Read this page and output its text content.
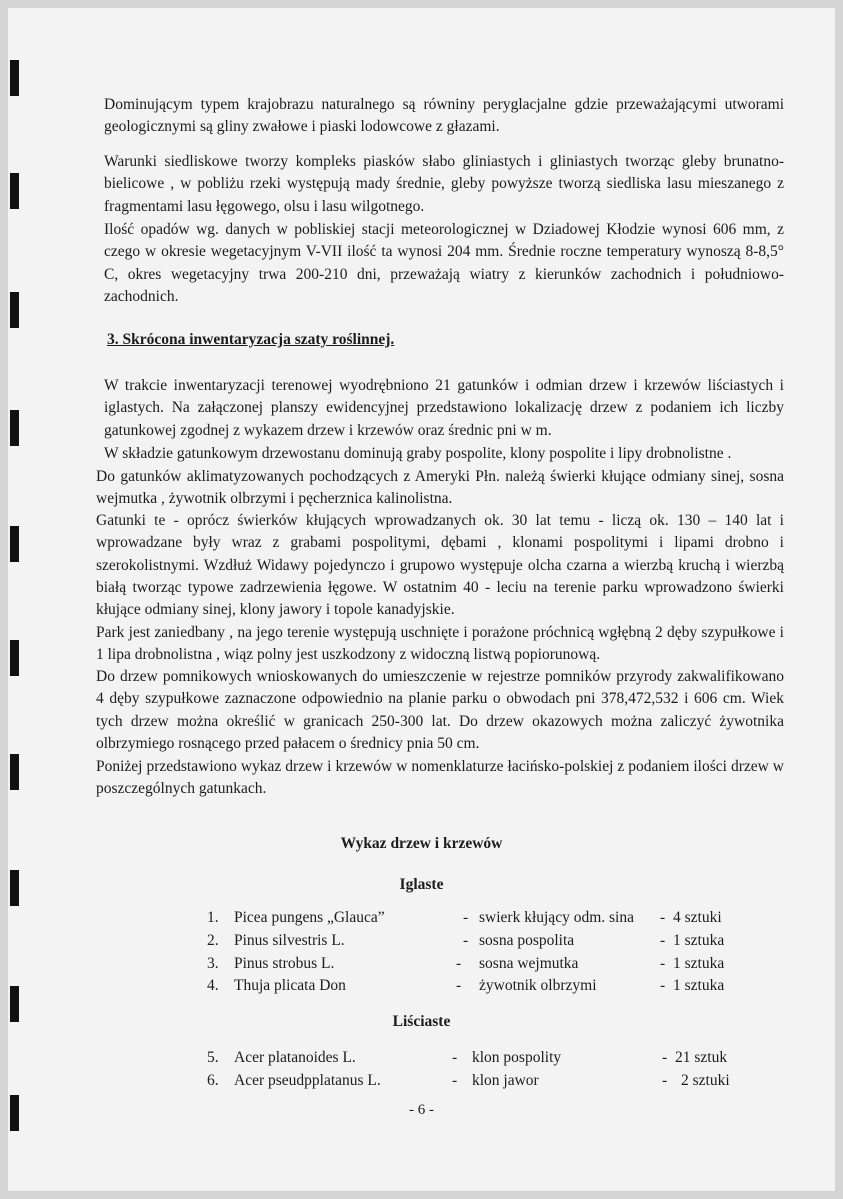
Dominującym typem krajobrazu naturalnego są równiny peryglacjalne gdzie przeważającymi utworami geologicznymi są gliny zwałowe i piaski lodowcowe z głazami.

Warunki siedliskowe tworzy kompleks piasków słabo gliniastych i gliniastych tworząc gleby brunatno- bielicowe , w pobliżu rzeki występują mady średnie, gleby powyższe tworzą siedliska lasu mieszanego z fragmentami lasu łęgowego, olsu i lasu wilgotnego.

Ilość opadów wg. danych w pobliskiej stacji meteorologicznej w Dziadowej Kłodzie wynosi 606 mm, z czego w okresie wegetacyjnym V-VII ilość ta wynosi 204 mm. Średnie roczne temperatury wynoszą 8-8,5° C, okres wegetacyjny trwa 200-210 dni, przeważają wiatry z kierunków zachodnich i południowo-zachodnich.

3. Skrócona inwentaryzacja szaty roślinnej.

W trakcie inwentaryzacji terenowej wyodrębniono 21 gatunków i odmian drzew i krzewów liściastych i iglastych. Na załączonej planszy ewidencyjnej przedstawiono lokalizację drzew z podaniem ich liczby gatunkowej zgodnej z wykazem drzew i krzewów oraz średnic pni w m.

W składzie gatunkowym drzewostanu dominują graby pospolite, klony pospolite i lipy drobnolistne .

Do gatunków aklimatyzowanych pochodzących z Ameryki Płn. należą świerki kłujące odmiany sinej, sosna wejmutka , żywotnik olbrzymi i pęcherznica kalinolistna.

Gatunki te - oprócz świerków kłujących wprowadzanych ok. 30 lat temu - liczą ok. 130 – 140 lat i wprowadzane były wraz z grabami pospolitymi, dębami , klonami pospolitymi i lipami drobno i szerokolistnymi. Wzdłuż Widawy pojedynczo i grupowo występuje olcha czarna a wierzbą kruchą i wierzbą białą tworząc typowe zadrzewienia łęgowe. W ostatnim 40 - leciu na terenie parku wprowadzono świerki kłujące odmiany sinej, klony jawory i topole kanadyjskie.

Park jest zaniedbany , na jego terenie występują uschnięte i porażone próchnicą wgłębną 2 dęby szypułkowe i 1 lipa drobnolistna , wiąz polny jest uszkodzony z widoczną listwą popiorunową.

Do drzew pomnikowych wnioskowanych do umieszczenie w rejestrze pomników przyrody zakwalifikowano 4 dęby szypułkowe zaznaczone odpowiednio na planie parku o obwodach pni 378,472,532 i 606 cm. Wiek tych drzew można określić w granicach 250-300 lat. Do drzew okazowych można zaliczyć żywotnika olbrzymiego rosnącego przed pałacem o średnicy pnia 50 cm.

Poniżej przedstawiono wykaz drzew i krzewów w nomenklaturze łacińsko-polskiej z podaniem ilości drzew w poszczególnych gatunkach.

Wykaz drzew i krzewów
Iglaste
1. Picea pungens „Glauca”	- swierk kłujący odm. sina - 4 sztuki
2. Pinus silvestris L.	- sosna pospolita	- 1 sztuka
3. Pinus strobus L.	- sosna wejmutka	- 1 sztuka
4. Thuja plicata Don	- żywotnik olbrzymi	- 1 sztuka
Liściaste
5. Acer platanoides L.	- klon pospolity	- 21 sztuk
6. Acer pseudpplatanus L.	- klon jawor	- 2 sztuki
- 6 -
